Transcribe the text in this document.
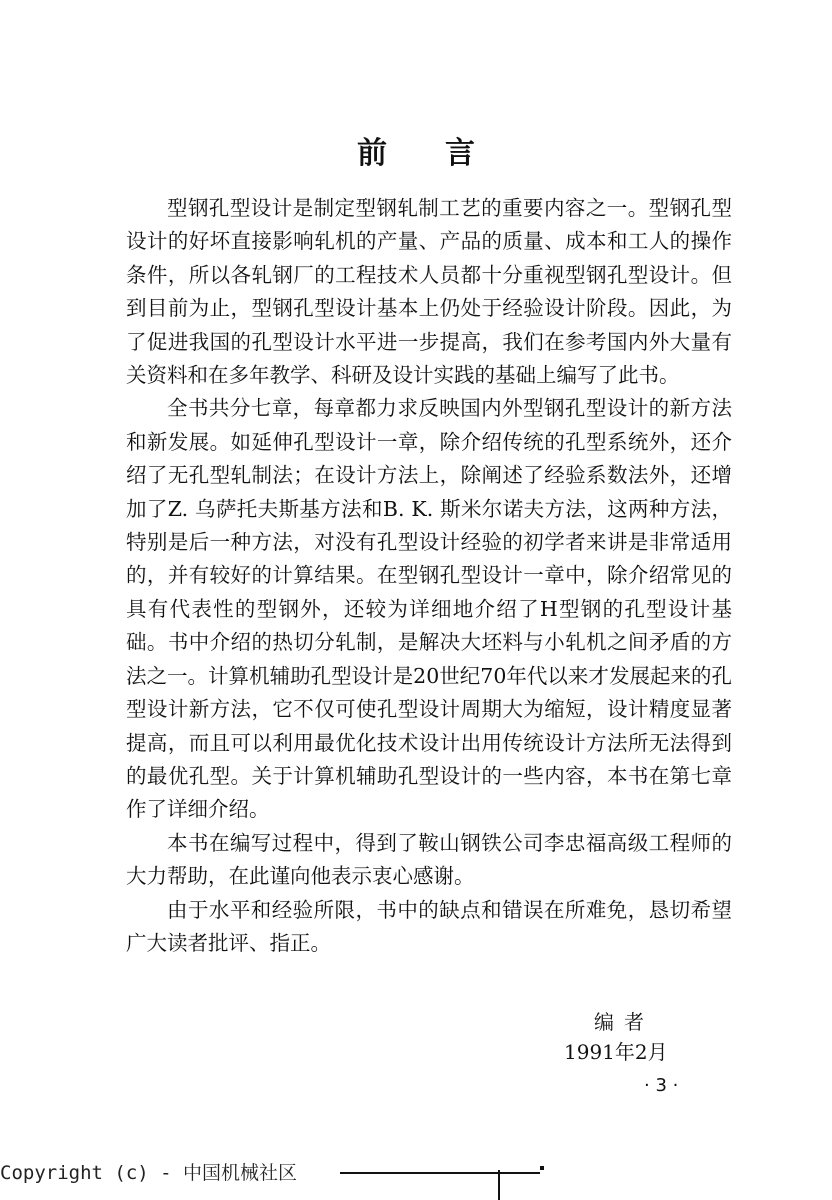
前言

型钢孔型设计是制定型钢轧制工艺的重要内容之一。型钢孔型设计的好坏直接影响轧机的产量、产品的质量、成本和工人的操作条件，所以各轧钢厂的工程技术人员都十分重视型钢孔型设计。但到目前为止，型钢孔型设计基本上仍处于经验设计阶段。因此，为了促进我国的孔型设计水平进一步提高，我们在参考国内外大量有关资料和在多年教学、科研及设计实践的基础上编写了此书。

全书共分七章，每章都力求反映国内外型钢孔型设计的新方法和新发展。如延伸孔型设计一章，除介绍传统的孔型系统外，还介绍了无孔型轧制法；在设计方法上，除阐述了经验系数法外，还增加了Z. 乌萨托夫斯基方法和B. K. 斯米尔诺夫方法，这两种方法，特别是后一种方法，对没有孔型设计经验的初学者来讲是非常适用的，并有较好的计算结果。在型钢孔型设计一章中，除介绍常见的具有代表性的型钢外，还较为详细地介绍了H型钢的孔型设计基础。书中介绍的热切分轧制，是解决大坯料与小轧机之间矛盾的方法之一。计算机辅助孔型设计是20世纪70年代以来才发展起来的孔型设计新方法，它不仅可使孔型设计周期大为缩短，设计精度显著提高，而且可以利用最优化技术设计出用传统设计方法所无法得到的最优孔型。关于计算机辅助孔型设计的一些内容，本书在第七章作了详细介绍。

本书在编写过程中，得到了鞍山钢铁公司李忠福高级工程师的大力帮助，在此谨向他表示衷心感谢。

由于水平和经验所限，书中的缺点和错误在所难免，恳切希望广大读者批评、指正。

编者
1991年2月
· 3 ·
Copyright (c) - 中国机械社区
